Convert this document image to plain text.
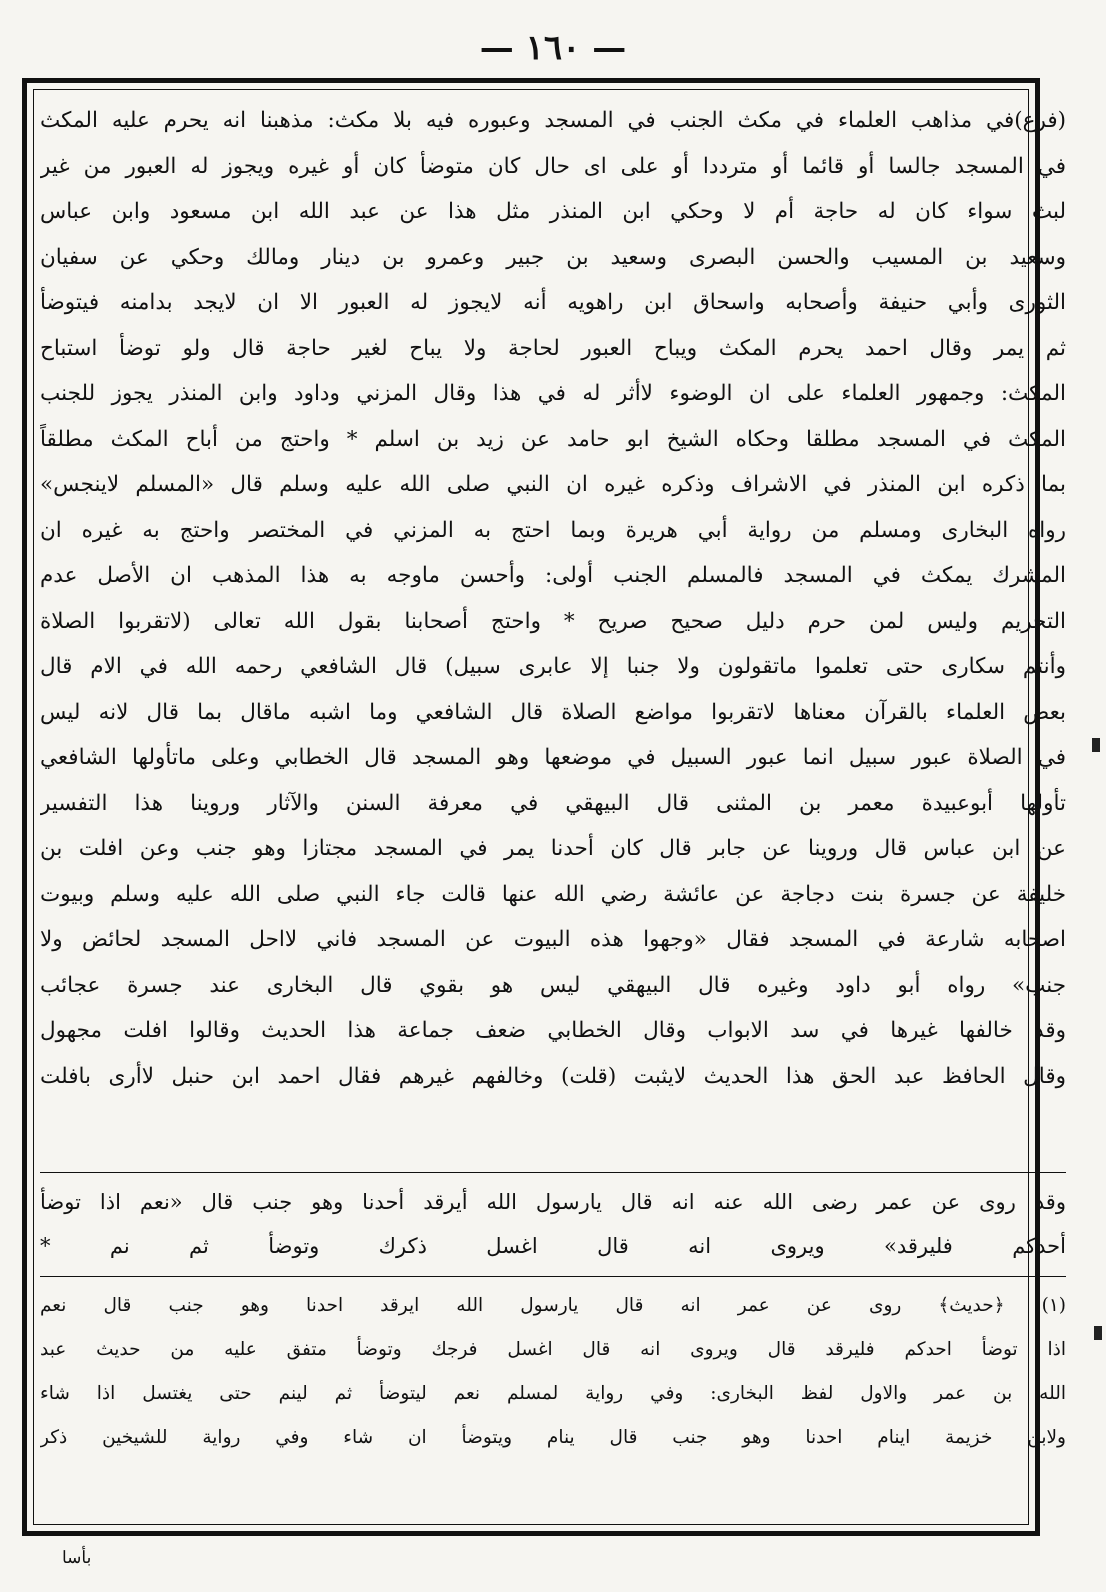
— ١٦٠ —
(فرع)في مذاهب العلماء في مكث الجنب في المسجد وعبوره فيه بلا مكث: مذهبنا انه يحرم عليه المكث
في المسجد جالسا أو قائما أو مترددا أو على اى حال كان متوضأ كان أو غيره ويجوز له العبور من غير
لبث سواء كان له حاجة أم لا وحكي ابن المنذر مثل هذا عن عبد الله ابن مسعود وابن عباس
وسعيد بن المسيب والحسن البصرى وسعيد بن جبير وعمرو بن دينار ومالك وحكي عن سفيان
الثورى وأبي حنيفة وأصحابه واسحاق ابن راهويه أنه لايجوز له العبور الا ان لايجد بدامنه فيتوضأ
ثم يمر وقال احمد يحرم المكث ويباح العبور لحاجة ولا يباح لغير حاجة قال ولو توضأ استباح
المكث: وجمهور العلماء على ان الوضوء لاأثر له في هذا وقال المزني وداود وابن المنذر يجوز للجنب
المكث في المسجد مطلقا وحكاه الشيخ ابو حامد عن زيد بن اسلم * واحتج من أباح المكث مطلقاً
بما ذكره ابن المنذر في الاشراف وذكره غيره ان النبي صلى الله عليه وسلم قال «المسلم لاينجس»
رواه البخارى ومسلم من رواية أبي هريرة وبما احتج به المزني في المختصر واحتج به غيره ان
المشرك يمكث في المسجد فالمسلم الجنب أولى: وأحسن ماوجه به هذا المذهب ان الأصل عدم
التحريم وليس لمن حرم دليل صحيح صريح * واحتج أصحابنا بقول الله تعالى (لاتقربوا الصلاة
وأنتم سكارى حتى تعلموا ماتقولون ولا جنبا إلا عابرى سبيل) قال الشافعي رحمه الله في الام قال
بعض العلماء بالقرآن معناها لاتقربوا مواضع الصلاة قال الشافعي وما اشبه ماقال بما قال لانه ليس
في الصلاة عبور سبيل انما عبور السبيل في موضعها وهو المسجد قال الخطابي وعلى ماتأولها الشافعي
تأولها أبوعبيدة معمر بن المثنى قال البيهقي في معرفة السنن والآثار وروينا هذا التفسير
عن ابن عباس قال وروينا عن جابر قال كان أحدنا يمر في المسجد مجتازا وهو جنب وعن افلت بن
خليفة عن جسرة بنت دجاجة عن عائشة رضي الله عنها قالت جاء النبي صلى الله عليه وسلم وبيوت
اصحابه شارعة في المسجد فقال «وجهوا هذه البيوت عن المسجد فاني لااحل المسجد لحائض ولا
جنب» رواه أبو داود وغيره قال البيهقي ليس هو بقوي قال البخارى عند جسرة عجائب
وقد خالفها غيرها في سد الابواب وقال الخطابي ضعف جماعة هذا الحديث وقالوا افلت مجهول
وقال الحافظ عبد الحق هذا الحديث لايثبت (قلت) وخالفهم غيرهم فقال احمد ابن حنبل لاأرى بافلت
وقد روى عن عمر رضى الله عنه انه قال يارسول الله أيرقد أحدنا وهو جنب قال «نعم اذا توضأ
أحدكم فليرقد» ويروى انه قال اغسل ذكرك وتوضأ ثم نم *
(١) ﴿حديث﴾ روى عن عمر انه قال يارسول الله ايرقد احدنا وهو جنب قال نعم
اذا توضأ احدكم فليرقد قال ويروى انه قال اغسل فرجك وتوضأ متفق عليه من حديث عبد
الله بن عمر والاول لفظ البخارى: وفي رواية لمسلم نعم ليتوضأ ثم لينم حتى يغتسل اذا شاء
ولابن خزيمة اينام احدنا وهو جنب قال ينام ويتوضأ ان شاء وفي رواية للشيخين ذكر
بأسا
